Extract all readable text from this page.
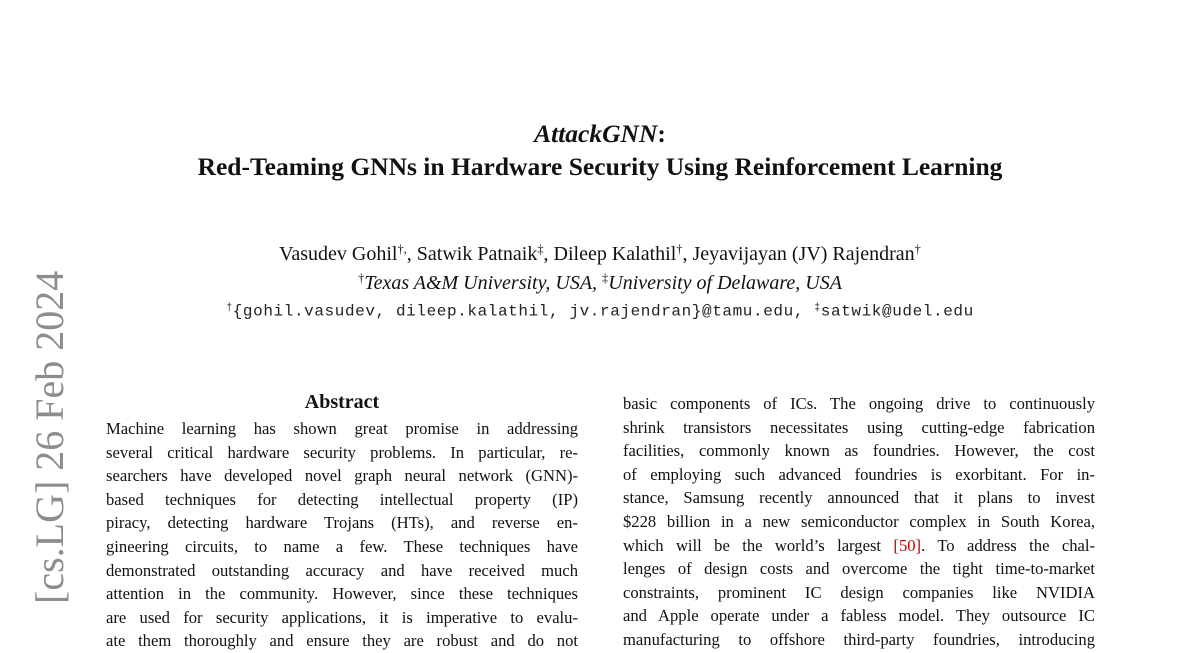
[cs.LG] 26 Feb 2024
AttackGNN:
Red-Teaming GNNs in Hardware Security Using Reinforcement Learning
Vasudev Gohil†,, Satwik Patnaik‡, Dileep Kalathil†, Jeyavijayan (JV) Rajendran†
†Texas A&M University, USA, ‡University of Delaware, USA
†{gohil.vasudev, dileep.kalathil, jv.rajendran}@tamu.edu, ‡satwik@udel.edu
Abstract
Machine learning has shown great promise in addressing
several critical hardware security problems. In particular, re-
searchers have developed novel graph neural network (GNN)-
based techniques for detecting intellectual property (IP)
piracy, detecting hardware Trojans (HTs), and reverse en-
gineering circuits, to name a few. These techniques have
demonstrated outstanding accuracy and have received much
attention in the community. However, since these techniques
are used for security applications, it is imperative to evalu-
ate them thoroughly and ensure they are robust and do not
basic components of ICs. The ongoing drive to continuously
shrink transistors necessitates using cutting-edge fabrication
facilities, commonly known as foundries. However, the cost
of employing such advanced foundries is exorbitant. For in-
stance, Samsung recently announced that it plans to invest
$228 billion in a new semiconductor complex in South Korea,
which will be the world’s largest [50]. To address the chal-
lenges of design costs and overcome the tight time-to-market
constraints, prominent IC design companies like NVIDIA
and Apple operate under a fabless model. They outsource IC
manufacturing to offshore third-party foundries, introducing
